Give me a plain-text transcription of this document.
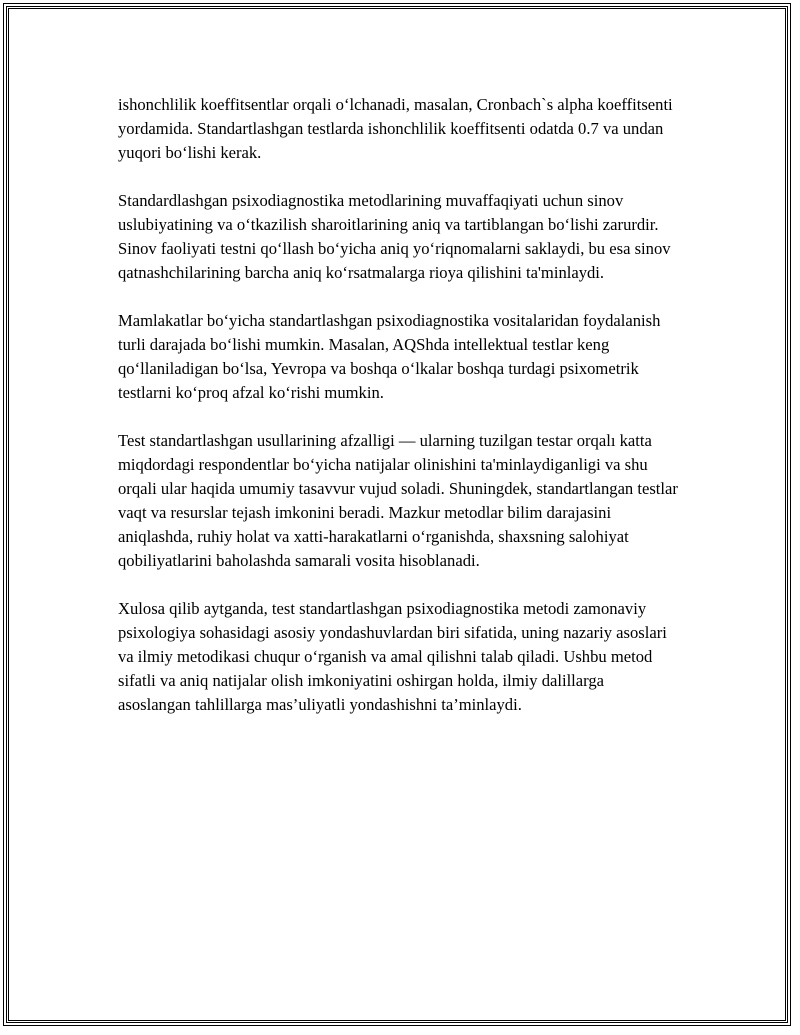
ishonchlilik koeffitsentlar orqali o‘lchanadi, masalan, Cronbach`s alpha koeffitsenti yordamida. Standartlashgan testlarda ishonchlilik koeffitsenti odatda 0.7 va undan yuqori bo‘lishi kerak.

Standardlashgan psixodiagnostika metodlarining muvaffaqiyati uchun sinov uslubiyatining va o‘tkazilish sharoitlarining aniq va tartiblangan bo‘lishi zarurdir. Sinov faoliyati testni qo‘llash bo‘yicha aniq yo‘riqnomalarni saklaydi, bu esa sinov qatnashchilarining barcha aniq ko‘rsatmalarga rioya qilishini ta'minlaydi.

Mamlakatlar bo‘yicha standartlashgan psixodiagnostika vositalaridan foydalanish turli darajada bo‘lishi mumkin. Masalan, AQShda intellektual testlar keng qo‘llaniladigan bo‘lsa, Yevropa va boshqa o‘lkalar boshqa turdagi psixometrik testlarni ko‘proq afzal ko‘rishi mumkin.

Test standartlashgan usullarining afzalligi — ularning tuzilgan testar orqalı katta miqdordagi respondentlar bo‘yicha natijalar olinishini ta'minlaydiganligi va shu orqali ular haqida umumiy tasavvur vujud soladi. Shuningdek, standartlangan testlar vaqt va resurslar tejash imkonini beradi. Mazkur metodlar bilim darajasini aniqlashda, ruhiy holat va xatti-harakatlarni o‘rganishda, shaxsning salohiyat qobiliyatlarini baholashda samarali vosita hisoblanadi.

Xulosa qilib aytganda, test standartlashgan psixodiagnostika metodi zamonaviy psixologiya sohasidagi asosiy yondashuvlardan biri sifatida, uning nazariy asoslari va ilmiy metodikasi chuqur o‘rganish va amal qilishni talab qiladi. Ushbu metod sifatli va aniq natijalar olish imkoniyatini oshirgan holda, ilmiy dalillarga asoslangan tahlillarga mas’uliyatli yondashishni ta’minlaydi.
